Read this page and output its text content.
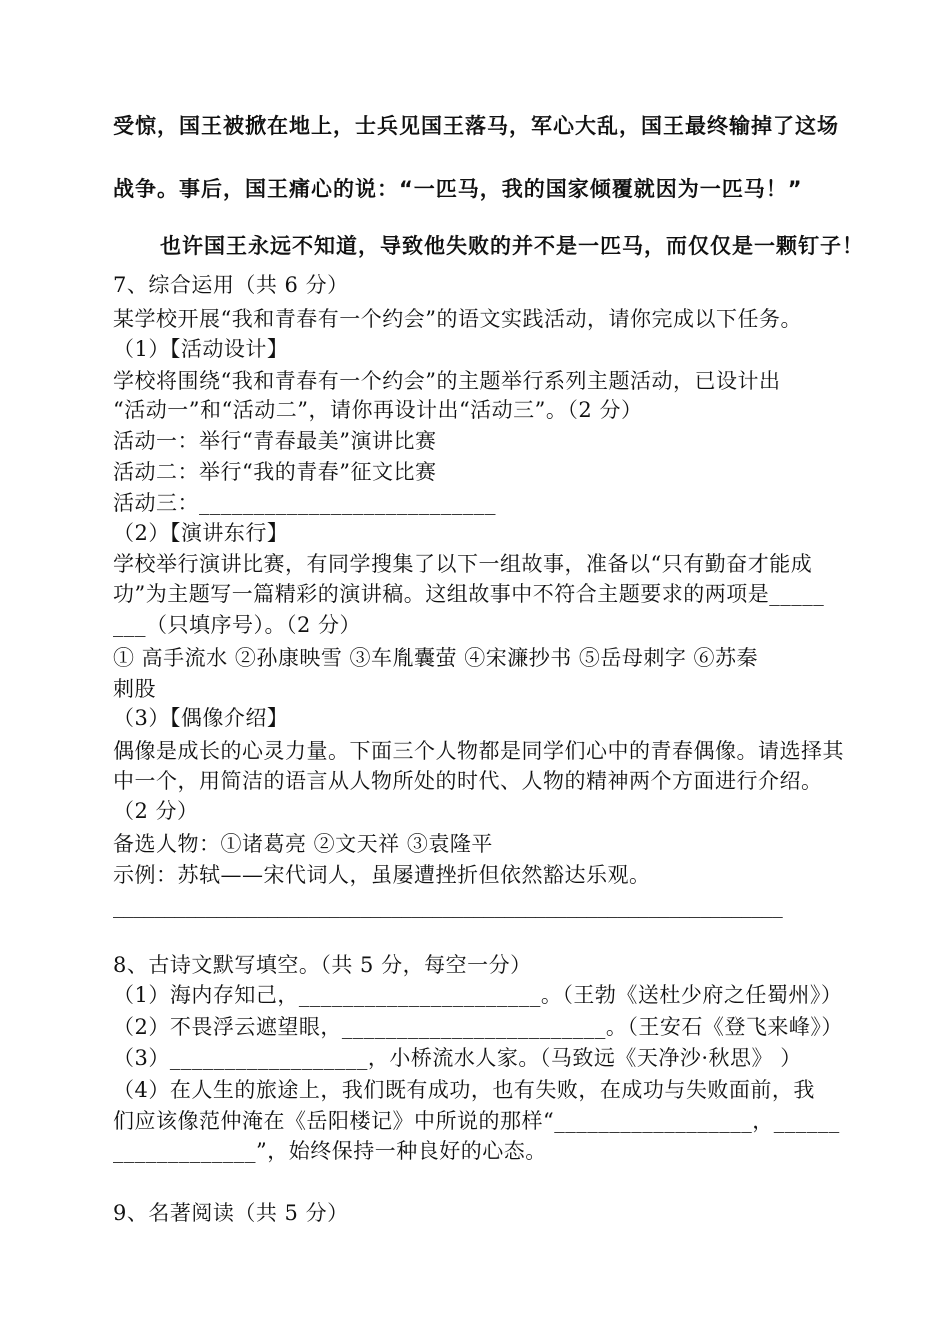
受惊，国王被掀在地上，士兵见国王落马，军心大乱，国王最终输掉了这场
战争。事后，国王痛心的说：“一匹马，我的国家倾覆就因为一匹马！”
也许国王永远不知道，导致他失败的并不是一匹马，而仅仅是一颗钉子！
7、综合运用（共 6 分）
某学校开展“我和青春有一个约会”的语文实践活动，请你完成以下任务。
（1）【活动设计】
学校将围绕“我和青春有一个约会”的主题举行系列主题活动，已设计出
“活动一”和“活动二”，请你再设计出“活动三”。（2 分）
活动一：举行“青春最美”演讲比赛
活动二：举行“我的青春”征文比赛
活动三：___________________________
（2）【演讲东行】
学校举行演讲比赛，有同学搜集了以下一组故事，准备以“只有勤奋才能成
功”为主题写一篇精彩的演讲稿。这组故事中不符合主题要求的两项是_____
___（只填序号）。（2 分）
① 高手流水 ②孙康映雪 ③车胤囊萤 ④宋濂抄书 ⑤岳母刺字 ⑥苏秦
刺股
（3）【偶像介绍】
偶像是成长的心灵力量。下面三个人物都是同学们心中的青春偶像。请选择其
中一个，用简洁的语言从人物所处的时代、人物的精神两个方面进行介绍。
（2 分）
备选人物：①诸葛亮 ②文天祥 ③袁隆平
示例：苏轼——宋代词人，虽屡遭挫折但依然豁达乐观。
_________________________________________________________________
8、古诗文默写填空。（共 5 分，每空一分）
（1）海内存知己，______________________。（王勃《送杜少府之任蜀州》）
（2）不畏浮云遮望眼，________________________。（王安石《登飞来峰》）
（3）__________________，小桥流水人家。（马致远《天净沙·秋思》 ）
（4）在人生的旅途上，我们既有成功，也有失败，在成功与失败面前，我
们应该像范仲淹在《岳阳楼记》中所说的那样“__________________，______
_____________”，始终保持一种良好的心态。
9、名著阅读（共 5 分）
